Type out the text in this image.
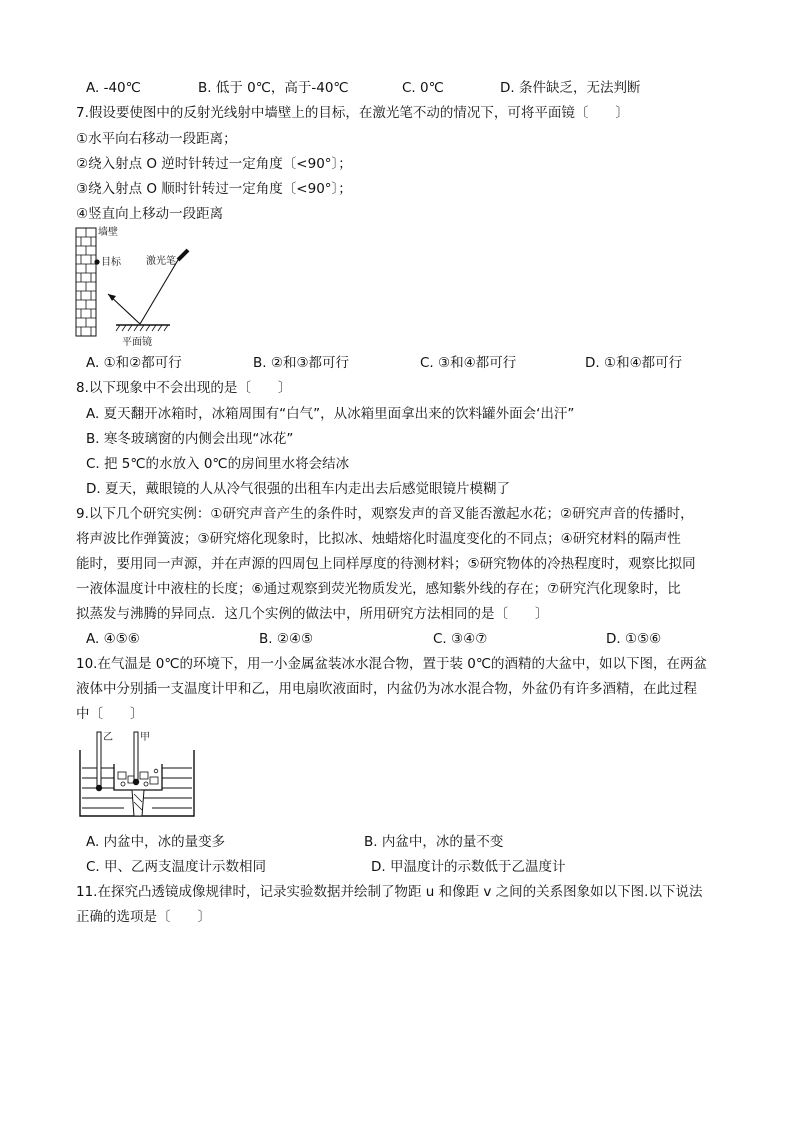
A. -40℃	B. 低于 0℃，高于-40℃	C. 0℃	D. 条件缺乏，无法判断
7.假设要使图中的反射光线射中墙壁上的目标，在激光笔不动的情况下，可将平面镜〔　　〕
①水平向右移动一段距离；
②绕入射点 O 逆时针转过一定角度〔<90°〕；
③绕入射点 O 顺时针转过一定角度〔<90°〕；
④竖直向上移动一段距离
墙壁
目标	激光笔
平面镜
A. ①和②都可行	B. ②和③都可行	C. ③和④都可行	D. ①和④都可行
8.以下现象中不会出现的是〔　　〕
A. 夏天翻开冰箱时，冰箱周围有“白气”，从冰箱里面拿出来的饮料罐外面会‘出汗”
B. 寒冬玻璃窗的内侧会出现“冰花”
C. 把 5℃的水放入 0℃的房间里水将会结冰
D. 夏天，戴眼镜的人从冷气很强的出租车内走出去后感觉眼镜片模糊了
9.以下几个研究实例：①研究声音产生的条件时，观察发声的音叉能否激起水花；②研究声音的传播时，
将声波比作弹簧波；③研究熔化现象时，比拟冰、烛蜡熔化时温度变化的不同点；④研究材料的隔声性
能时，要用同一声源，并在声源的四周包上同样厚度的待测材料；⑤研究物体的冷热程度时，观察比拟同
一液体温度计中液柱的长度；⑥通过观察到荧光物质发光，感知紫外线的存在；⑦研究汽化现象时，比
拟蒸发与沸腾的异同点．这几个实例的做法中，所用研究方法相同的是〔　　〕
A. ④⑤⑥	B. ②④⑤	C. ③④⑦	D. ①⑤⑥
10.在气温是 0℃的环境下，用一小金属盆装冰水混合物，置于装 0℃的酒精的大盆中，如以下图，在两盆
液体中分别插一支温度计甲和乙，用电扇吹液面时，内盆仍为冰水混合物，外盆仍有许多酒精，在此过程
中〔　　〕
乙	甲
A. 内盆中，冰的量变多	B. 内盆中，冰的量不变
C. 甲、乙两支温度计示数相同	D. 甲温度计的示数低于乙温度计
11.在探究凸透镜成像规律时，记录实验数据并绘制了物距 u 和像距 v 之间的关系图象如以下图.以下说法
正确的选项是〔　　〕
